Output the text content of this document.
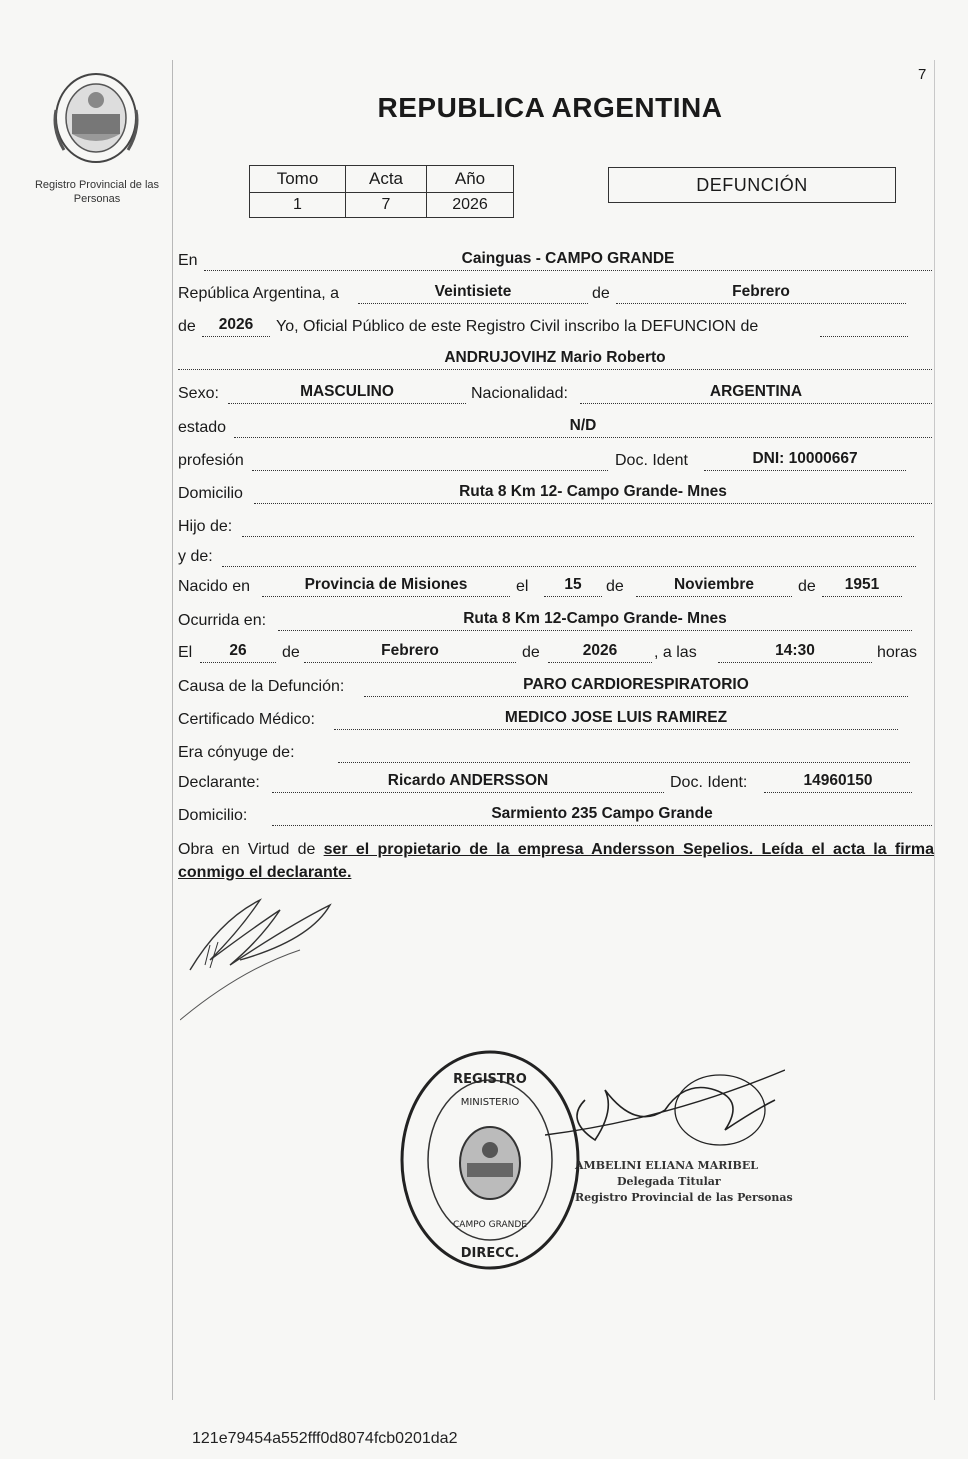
Registro Provincial de las Personas
7
REPUBLICA ARGENTINA
Tomo	Acta	Año
1	7	2026
DEFUNCIÓN
En	Cainguas - CAMPO GRANDE
República Argentina, a	Veintisiete	de	Febrero
de	2026	Yo, Oficial Público de este Registro Civil inscribo la DEFUNCION de
ANDRUJOVIHZ Mario Roberto
Sexo:	MASCULINO	Nacionalidad:	ARGENTINA
estado	N/D
profesión	Doc. Ident	DNI: 10000667
Domicilio	Ruta 8 Km 12- Campo Grande- Mnes
Hijo de:
y de:
Nacido en	Provincia de Misiones	el	15	de	Noviembre	de	1951
Ocurrida en:	Ruta 8 Km 12-Campo Grande- Mnes
El	26	de	Febrero	de	2026	, a las	14:30	horas
Causa de la Defunción:	PARO CARDIORESPIRATORIO
Certificado Médico:	MEDICO JOSE LUIS RAMIREZ
Era cónyuge de:
Declarante:	Ricardo ANDERSSON	Doc. Ident:	14960150
Domicilio:	Sarmiento 235 Campo Grande
Obra en Virtud de ser el propietario de la empresa Andersson Sepelios. Leída el acta la firma conmigo el declarante.
REGISTRO
MINISTERIO
CAMPO GRANDE
DIRECC.
AMBELINI ELIANA MARIBEL
Delegada Titular
Registro Provincial de las Personas
121e79454a552fff0d8074fcb0201da2
